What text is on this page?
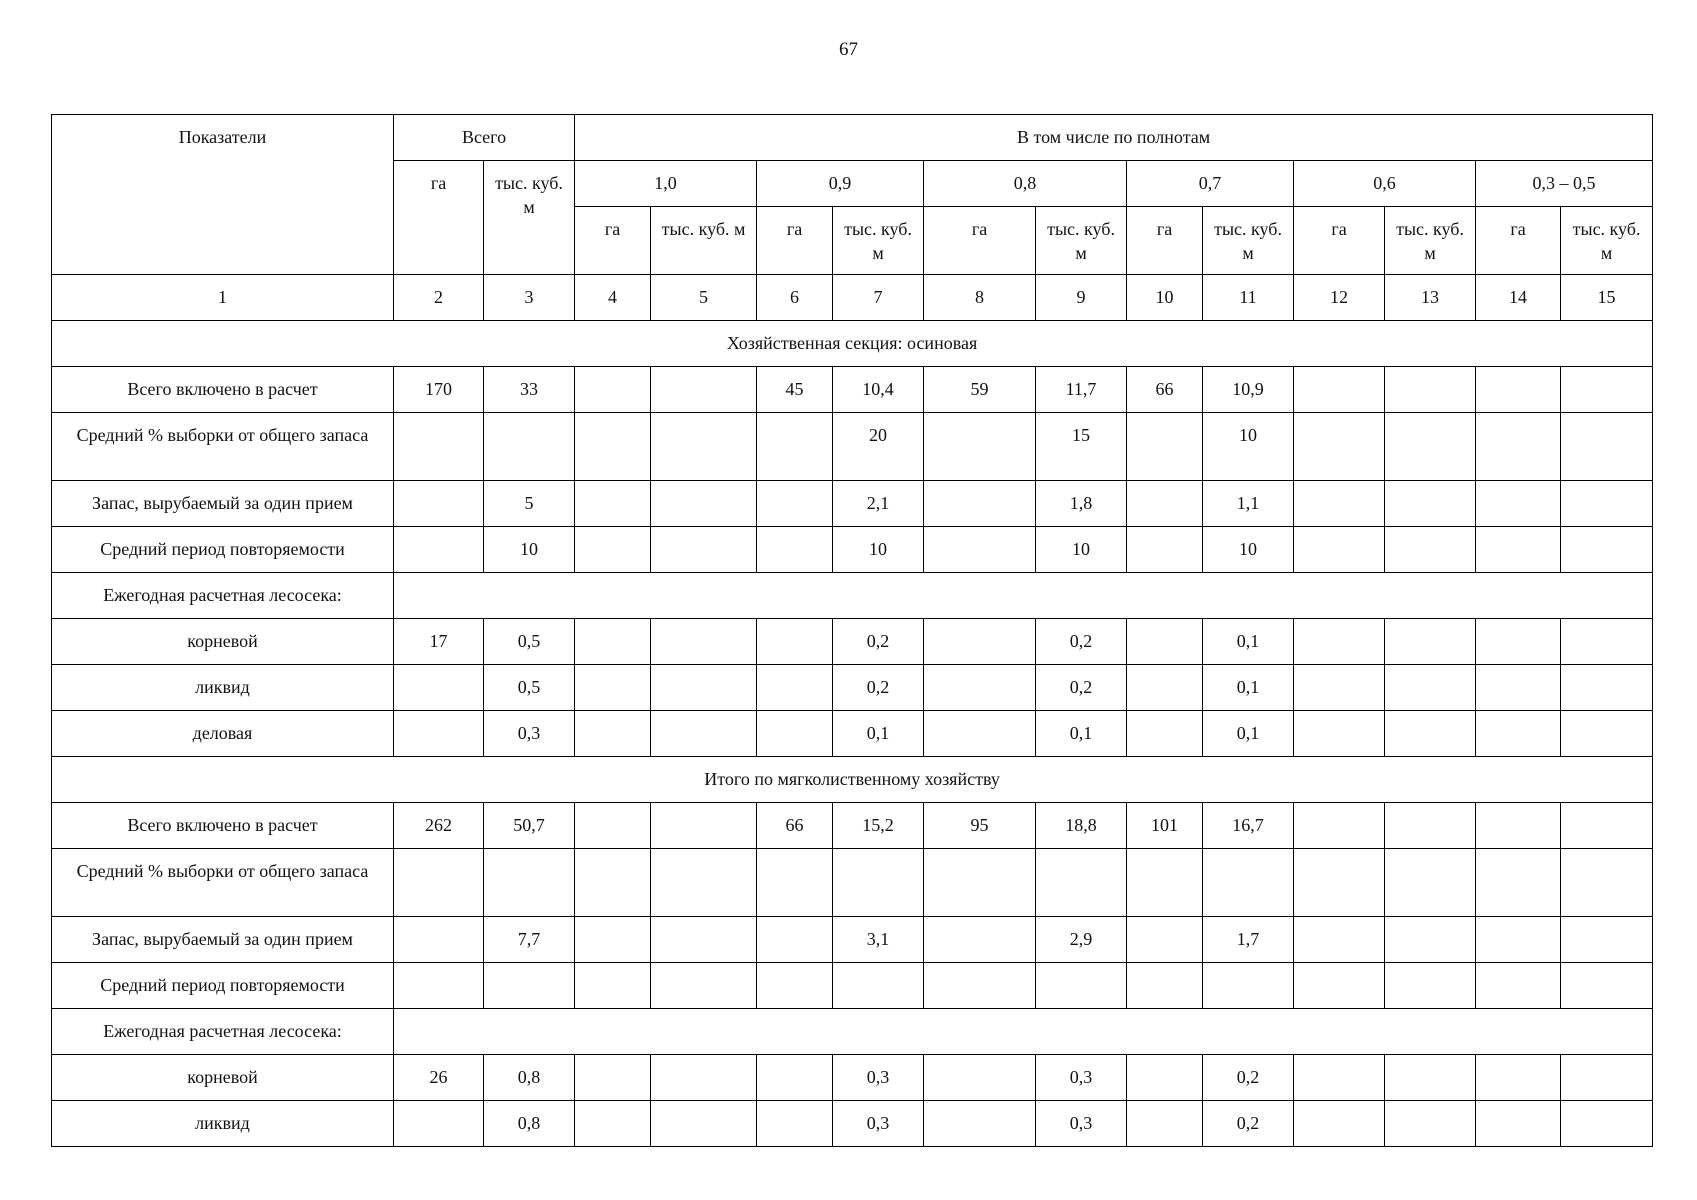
67
Показатели	Всего		В том числе по полнотам											
	га	тыс. куб. м	1,0		0,9		0,8		0,7		0,6		0,3 – 0,5	
			га	тыс. куб. м	га	тыс. куб. м	га	тыс. куб. м	га	тыс. куб. м	га	тыс. куб. м	га	тыс. куб. м
1	2	3	4	5	6	7	8	9	10	11	12	13	14	15
Хозяйственная секция: осиновая														
Всего включено в расчет	170	33			45	10,4	59	11,7	66	10,9				
Средний % выборки от общего запаса						20		15		10				
Запас, вырубаемый за один прием		5				2,1		1,8		1,1				
Средний период повторяемости		10				10		10		10				
Ежегодная расчетная лесосека:														
корневой	17	0,5				0,2		0,2		0,1				
ликвид		0,5				0,2		0,2		0,1				
деловая		0,3				0,1		0,1		0,1				
Итого по мягколиственному хозяйству														
Всего включено в расчет	262	50,7			66	15,2	95	18,8	101	16,7				
Средний % выборки от общего запаса														
Запас, вырубаемый за один прием		7,7				3,1		2,9		1,7				
Средний период повторяемости														
Ежегодная расчетная лесосека:														
корневой	26	0,8				0,3		0,3		0,2				
ликвид		0,8				0,3		0,3		0,2				
